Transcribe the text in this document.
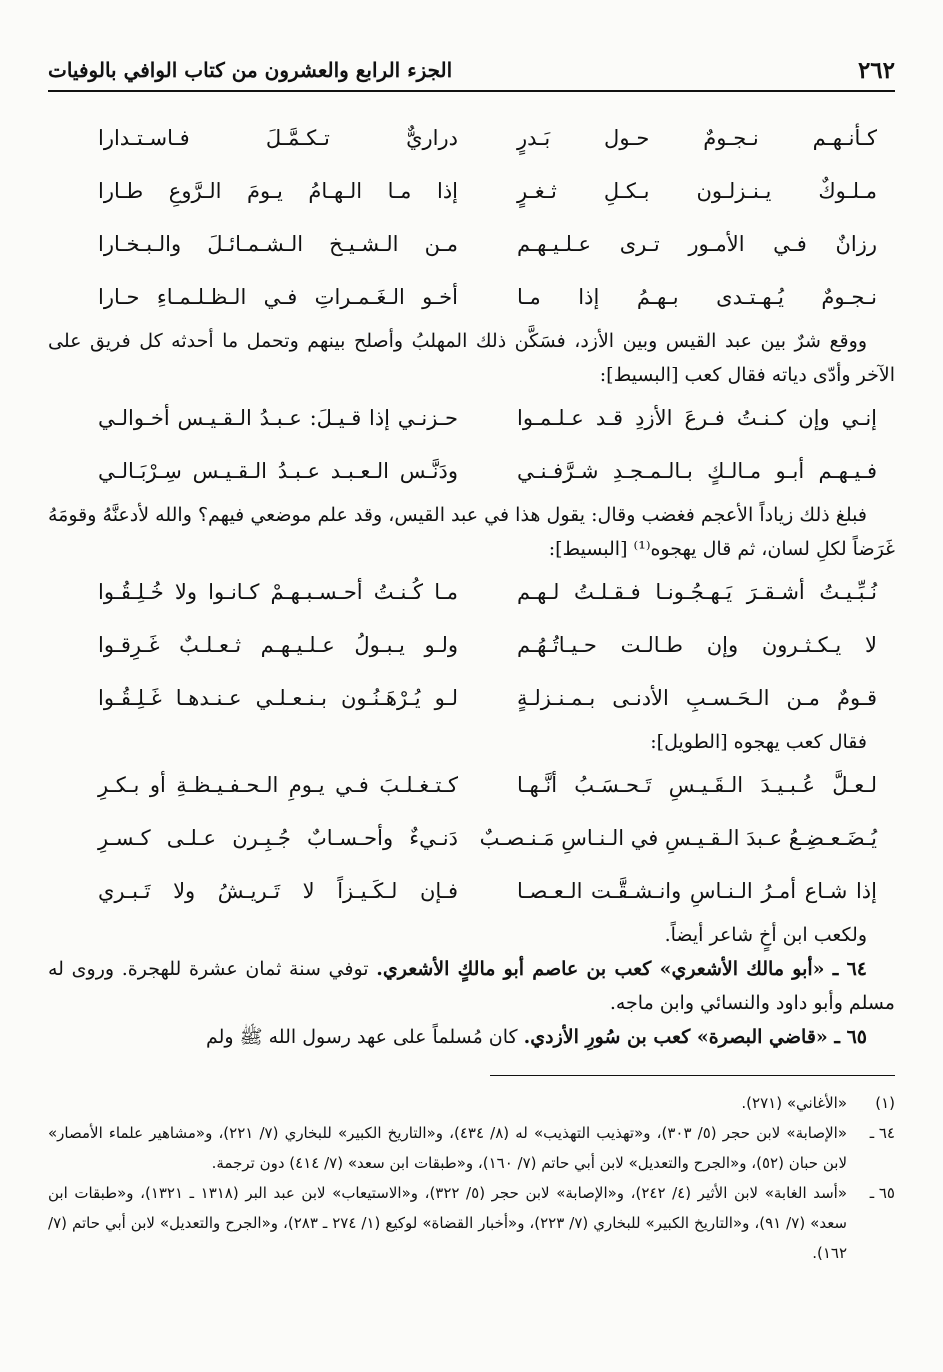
٢٦٢
الجزء الرابع والعشرون من كتاب الوافي بالوفيات
كـأنـهـم نـجـومٌ حـول بَـدرٍ
دراريٌّ تـكـمَّـلَ فـاسـتـدارا
مـلـوكٌ يـنـزلـون بـكـلِ ثـغـرٍ
إذا مـا الـهـامُ يـومَ الـرَّوعِ طـارا
رزانٌ فـي الأمـور تـرى عـلـيـهـم
مـن الـشـيـخ الـشـمـائـلَ والـبـخـارا
نـجـومٌ يُـهـتـدى بـهـمُ إذا مـا
أخـو الـغَـمـراتِ فـي الـظـلـمـاءِ حـارا

ووقع شرٌ بين عبد القيس وبين الأزد، فسَكَّن ذلك المهلبُ وأصلح بينهم وتحمل ما أحدثه كل فريق على الآخر وأدّى دياته فقال كعب [البسيط]:

إنـي وإن كـنـتُ فـرعَ الأزدِ قـد عـلـمـوا
حـزنـي إذا قـيـلَ: عـبـدُ الـقـيـس أخـوالـي
فـيـهـم أبـو مـالـكٍ بـالـمـجـدِ شـرَّفـنـي
ودَنَّـس الـعـبـد عـبـدُ الـقـيـس سِـرْبَـالـي

فبلغ ذلك زياداً الأعجم فغضب وقال: يقول هذا في عبد القيس، وقد علم موضعي فيهم؟ والله لأدعنَّهُ وقومَهُ غَرَضاً لكلِ لسان، ثم قال يهجوه⁽¹⁾ [البسيط]:

نُـبِّـيـتُ أشـقـرَ يَـهـجُـونـا فـقـلـتُ لـهـم
مـا كُـنـتُ أحـسـبـهـمْ كـانـوا ولا خُـلِـقُـوا
لا يـكـثـرون وإن طـالـت حـيـاتُـهُـم
ولـو يـبـولُ عـلـيـهـم ثـعـلـبٌ غَـرِقـوا
قـومٌ مـن الـحَـسـبِ الأدنـى بـمـنـزلـةٍ
لـو يُـرْهَـنُـون بـنـعـلـي عـنـدهـا غَـلِـقُـوا

فقال كعب يهجوه [الطويل]:

لـعـلَّ عُـبـيـدَ الـقَـيـسِ تَـحـسَـبُ أنَّـهـا
كـتـغـلـبَ فـي يـومِ الـحـفـيـظـةِ أو بـكـرِ
يُـضَـعـضِـعُ عـبدَ الـقـيـسِ في الـنـاسِ مَـنـصـبٌ
دَنـيءٌ وأحـسـابٌ جُـبِـرن عـلـى كـسـرِ
إذا شـاع أمـرُ الـنـاسِ وانـشـقَّـت الـعـصـا
فـإن لـكَـيـزاً لا تَـريـشُ ولا تَـبـري

ولكعب ابن أخٍ شاعر أيضاً.

٦٤ ـ «أبو مالك الأشعري» كعب بن عاصم أبو مالكٍ الأشعري. توفي سنة ثمان عشرة للهجرة. وروى له مسلم وأبو داود والنسائي وابن ماجه.

٦٥ ـ «قاضي البصرة» كعب بن سُورِ الأزدي. كان مُسلماً على عهد رسول الله ﷺ ولم

(١)
«الأغاني» (٢٧١).
٦٤ ـ
«الإصابة» لابن حجر (٥/ ٣٠٣)، و«تهذيب التهذيب» له (٨/ ٤٣٤)، و«التاريخ الكبير» للبخاري (٧/ ٢٢١)، و«مشاهير علماء الأمصار» لابن حبان (٥٢)، و«الجرح والتعديل» لابن أبي حاتم (٧/ ١٦٠)، و«طبقات ابن سعد» (٧/ ٤١٤) دون ترجمة.
٦٥ ـ
«أسد الغابة» لابن الأثير (٤/ ٢٤٢)، و«الإصابة» لابن حجر (٥/ ٣٢٢)، و«الاستيعاب» لابن عبد البر (١٣١٨ ـ ١٣٢١)، و«طبقات ابن سعد» (٧/ ٩١)، و«التاريخ الكبير» للبخاري (٧/ ٢٢٣)، و«أخبار القضاة» لوكيع (١/ ٢٧٤ ـ ٢٨٣)، و«الجرح والتعديل» لابن أبي حاتم (٧/ ١٦٢).
